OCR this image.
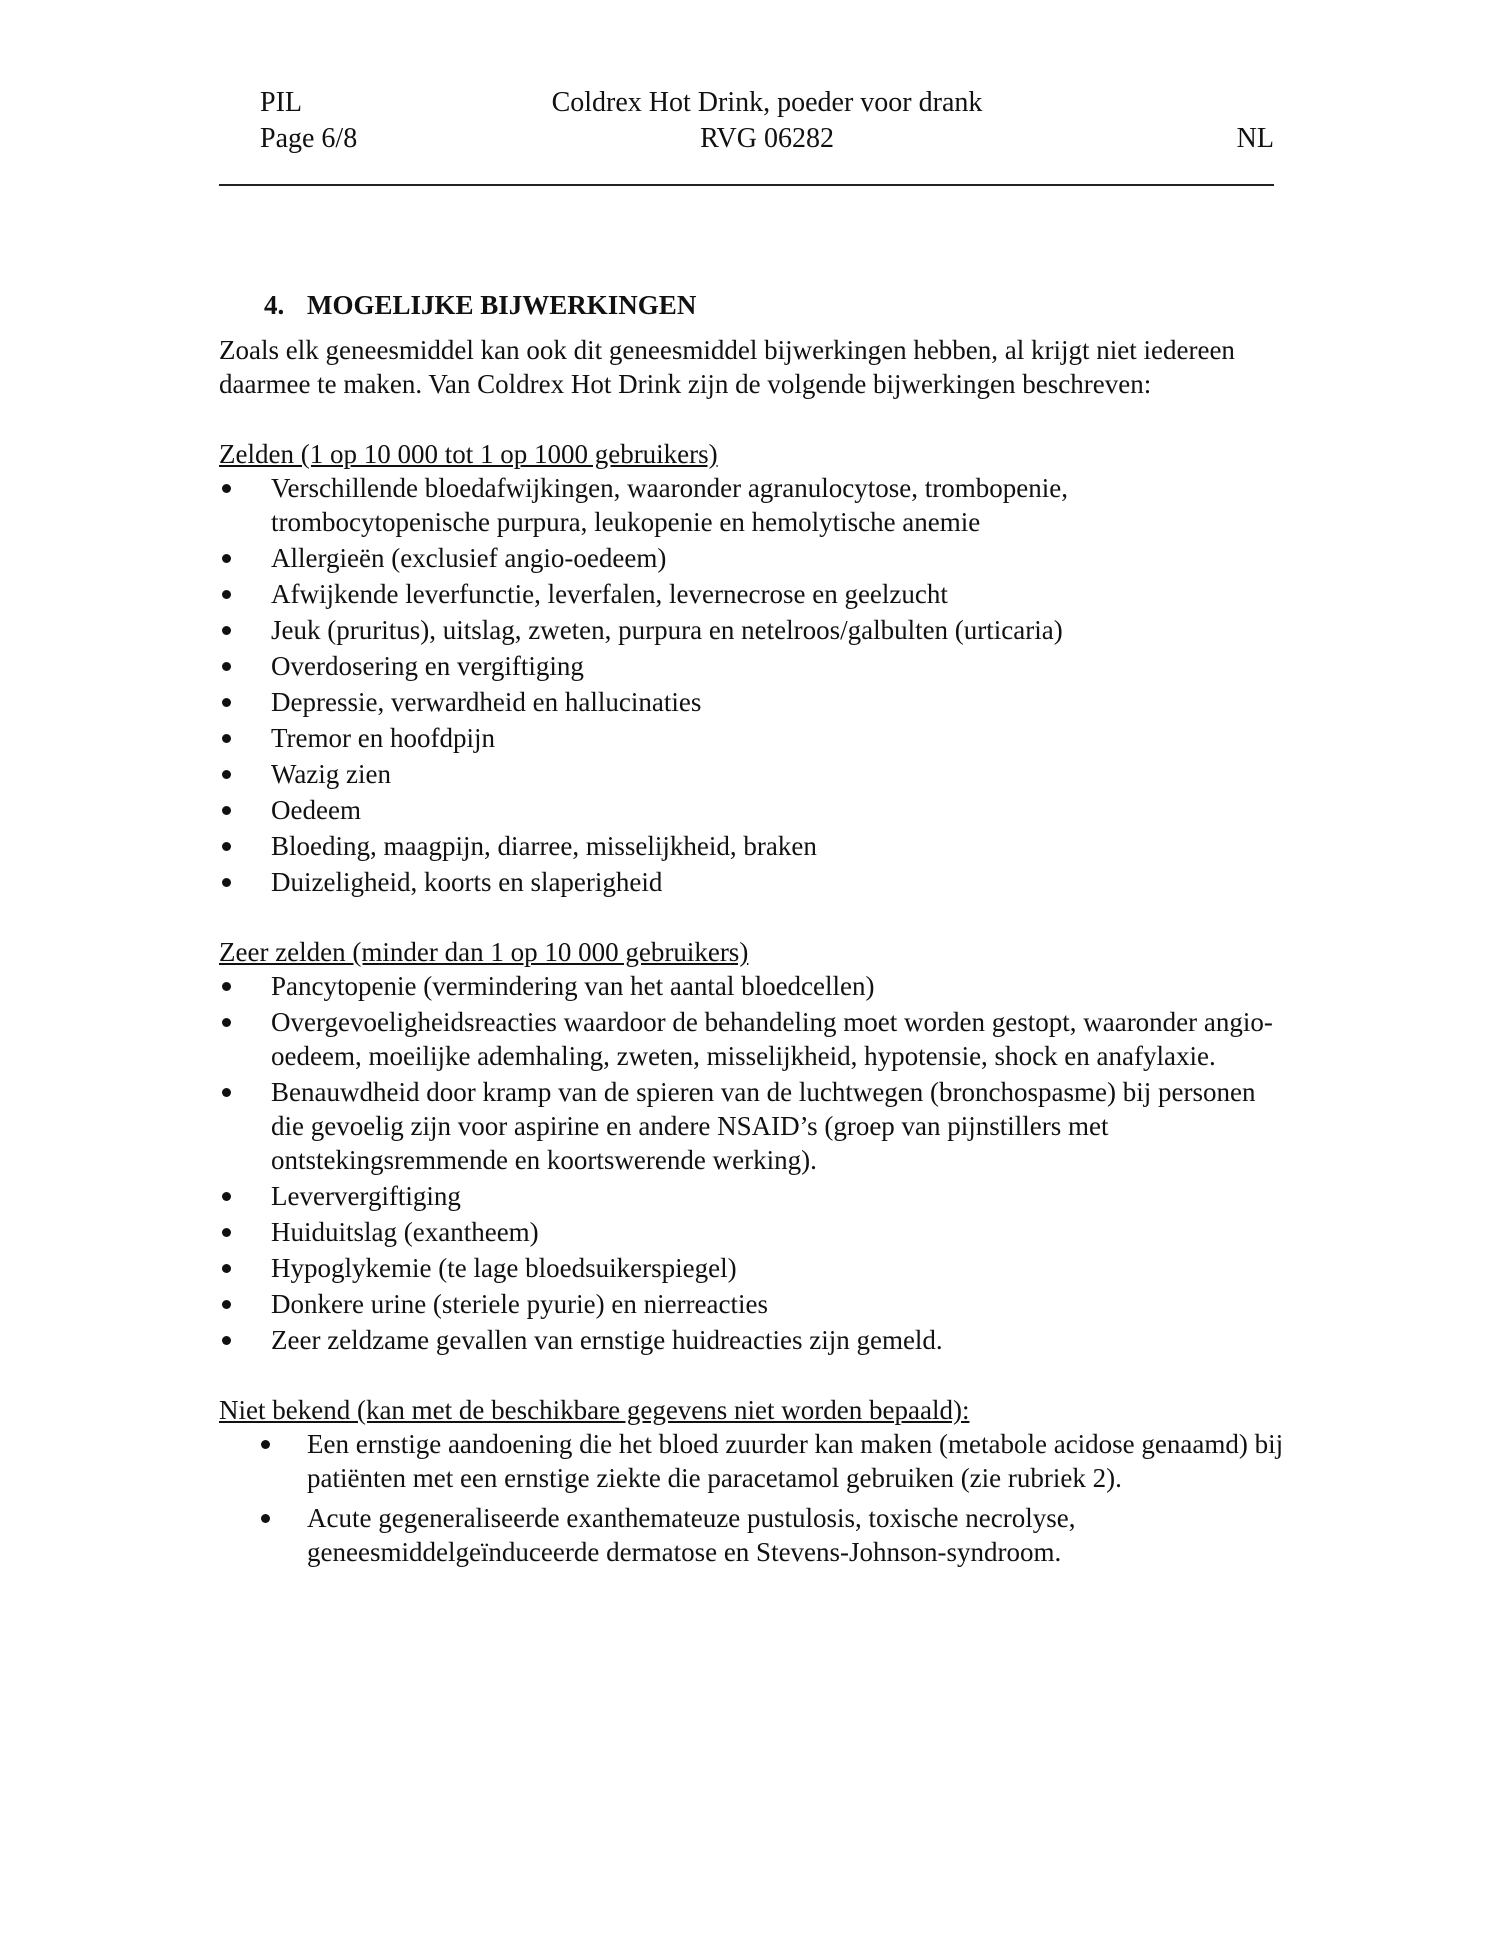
PIL	Coldrex Hot Drink, poeder voor drank
Page 6/8	RVG 06282	NL
4. MOGELIJKE BIJWERKINGEN

Zoals elk geneesmiddel kan ook dit geneesmiddel bijwerkingen hebben, al krijgt niet iedereen daarmee te maken. Van Coldrex Hot Drink zijn de volgende bijwerkingen beschreven:

Zelden (1 op 10 000 tot 1 op 1000 gebruikers)
Verschillende bloedafwijkingen, waaronder agranulocytose, trombopenie, trombocytopenische purpura, leukopenie en hemolytische anemie
Allergieën (exclusief angio-oedeem)
Afwijkende leverfunctie, leverfalen, levernecrose en geelzucht
Jeuk (pruritus), uitslag, zweten, purpura en netelroos/galbulten (urticaria)
Overdosering en vergiftiging
Depressie, verwardheid en hallucinaties
Tremor en hoofdpijn
Wazig zien
Oedeem
Bloeding, maagpijn, diarree, misselijkheid, braken
Duizeligheid, koorts en slaperigheid
Zeer zelden (minder dan 1 op 10 000 gebruikers)
Pancytopenie (vermindering van het aantal bloedcellen)
Overgevoeligheidsreacties waardoor de behandeling moet worden gestopt, waaronder angio-oedeem, moeilijke ademhaling, zweten, misselijkheid, hypotensie, shock en anafylaxie.
Benauwdheid door kramp van de spieren van de luchtwegen (bronchospasme) bij personen die gevoelig zijn voor aspirine en andere NSAID’s (groep van pijnstillers met ontstekingsremmende en koortswerende werking).
Leververgiftiging
Huiduitslag (exantheem)
Hypoglykemie (te lage bloedsuikerspiegel)
Donkere urine (steriele pyurie) en nierreacties
Zeer zeldzame gevallen van ernstige huidreacties zijn gemeld.
Niet bekend (kan met de beschikbare gegevens niet worden bepaald):
Een ernstige aandoening die het bloed zuurder kan maken (metabole acidose genaamd) bij patiënten met een ernstige ziekte die paracetamol gebruiken (zie rubriek 2).
Acute gegeneraliseerde exanthemateuze pustulosis, toxische necrolyse, geneesmiddelgeïnduceerde dermatose en Stevens-Johnson-syndroom.
